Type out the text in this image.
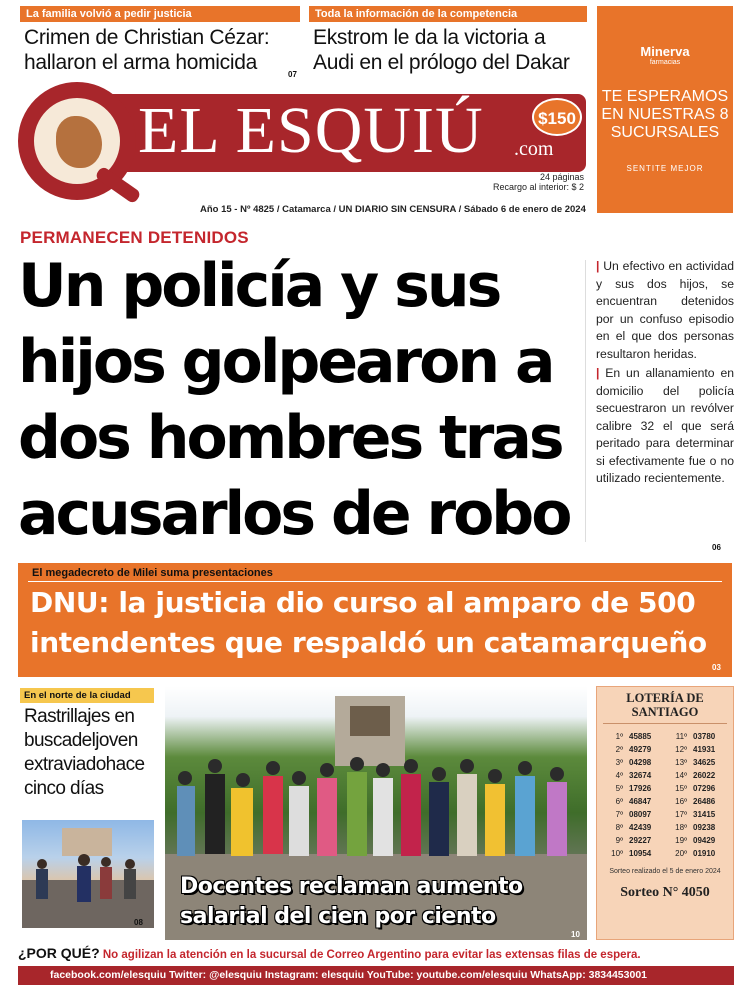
La familia volvió a pedir justicia
Crimen de Christian Cézar: hallaron el arma homicida
07
Toda la información de la competencia
Ekstrom le da la victoria a Audi en el prólogo del Dakar
EL ESQUIÚ .com
$150
24 páginas
Recargo al interior: $ 2
Año 15 - Nº 4825 / Catamarca / UN DIARIO SIN CENSURA / Sábado 6 de enero de 2024
Minerva
farmacias
TE ESPERAMOS EN NUESTRAS 8 SUCURSALES
SENTITE MEJOR
PERMANECEN DETENIDOS
Un policía y sus hijos golpearon a dos hombres tras acusarlos de robo

| Un efectivo en actividad y sus dos hijos, se encuentran detenidos por un confuso episodio en el que dos personas resultaron heridas.

| En un allanamiento en domicilio del policía secuestraron un revólver calibre 32 el que será peritado para determinar si efectivamente fue o no utilizado recientemente.

06
El megadecreto de Milei suma presentaciones
DNU: la justicia dio curso al amparo de 500 intendentes que respaldó un catamarqueño
03
En el norte de la ciudad
Rastrillajes en buscadeljoven extraviadohace cinco días
08
10
Docentes reclaman aumento
salarial del cien por ciento
LOTERÍA DE
SANTIAGO
1º 45885
2º 49279
3º 04298
4º 32674
5º 17926
6º 46847
7º 08097
8º 42439
9º 29227
10º 10954
11º 03780
12º 41931
13º 34625
14º 26022
15º 07296
16º 26486
17º 31415
18º 09238
19º 09429
20º 01910
Sorteo realizado el 5 de enero 2024
Sorteo N° 4050
¿POR QUÉ? No agilizan la atención en la sucursal de Correo Argentino para evitar las extensas filas de espera.
facebook.com/elesquiu Twitter: @elesquiu Instagram: elesquiu YouTube: youtube.com/elesquiu WhatsApp: 3834453001
